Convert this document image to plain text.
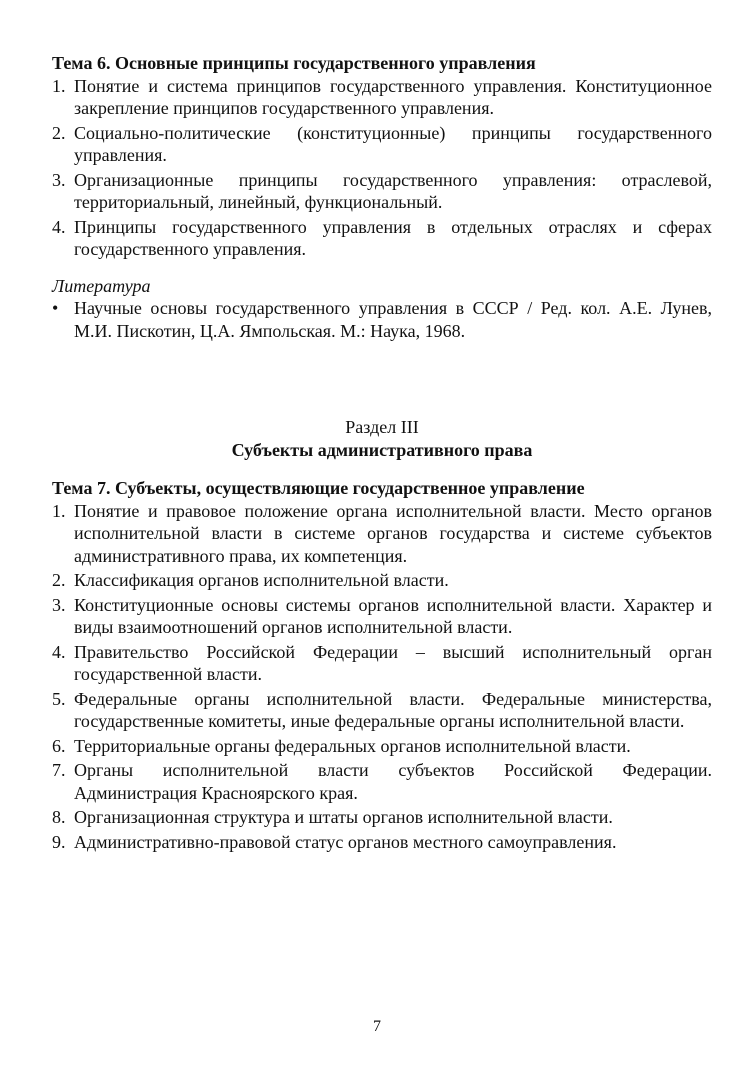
Тема 6. Основные принципы государственного управления
1. Понятие и система принципов государственного управления. Конституционное закрепление принципов государственного управления.
2. Социально-политические (конституционные) принципы государственного управления.
3. Организационные принципы государственного управления: отраслевой, территориальный, линейный, функциональный.
4. Принципы государственного управления в отдельных отраслях и сферах государственного управления.
Литература
• Научные основы государственного управления в СССР / Ред. кол. А.Е. Лунев, М.И. Пискотин, Ц.А. Ямпольская. М.: Наука, 1968.
Раздел III
Субъекты административного права
Тема 7. Субъекты, осуществляющие государственное управление
1. Понятие и правовое положение органа исполнительной власти. Место органов исполнительной власти в системе органов государства и системе субъектов административного права, их компетенция.
2. Классификация органов исполнительной власти.
3. Конституционные основы системы органов исполнительной власти. Характер и виды взаимоотношений органов исполнительной власти.
4. Правительство Российской Федерации – высший исполнительный орган государственной власти.
5. Федеральные органы исполнительной власти. Федеральные министерства, государственные комитеты, иные федеральные органы исполнительной власти.
6. Территориальные органы федеральных органов исполнительной власти.
7. Органы исполнительной власти субъектов Российской Федерации. Администрация Красноярского края.
8. Организационная структура и штаты органов исполнительной власти.
9. Административно-правовой статус органов местного самоуправления.
7
